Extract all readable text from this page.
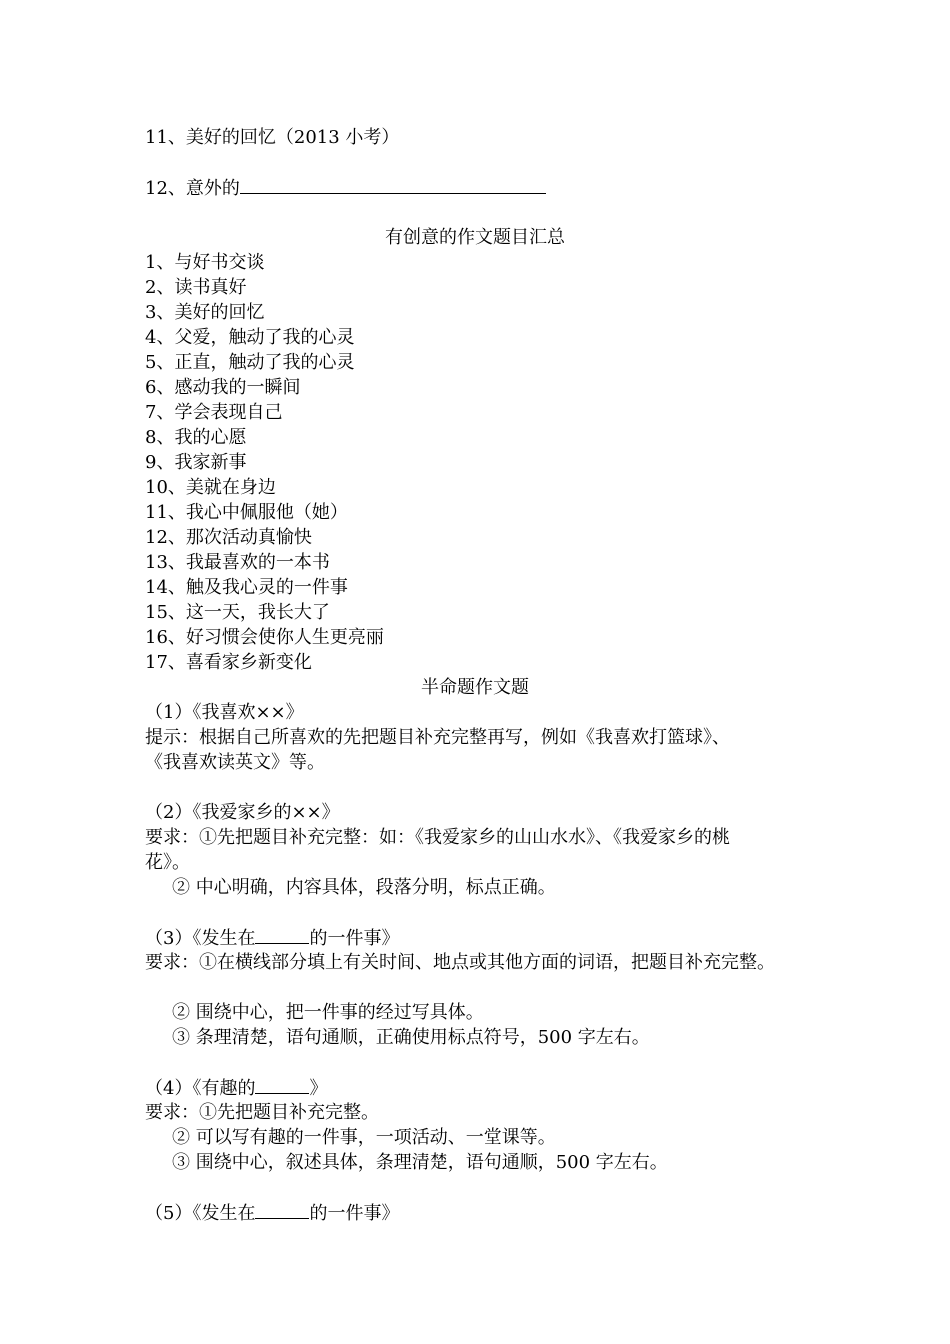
11、美好的回忆（2013 小考）
12、意外的
有创意的作文题目汇总
1、与好书交谈
2、读书真好
3、美好的回忆
4、父爱，触动了我的心灵
5、正直，触动了我的心灵
6、感动我的一瞬间
7、学会表现自己
8、我的心愿
9、我家新事
10、美就在身边
11、我心中佩服他（她）
12、那次活动真愉快
13、我最喜欢的一本书
14、触及我心灵的一件事
15、这一天，我长大了
16、好习惯会使你人生更亮丽
17、喜看家乡新变化
半命题作文题
（1）《我喜欢××》
提示：根据自己所喜欢的先把题目补充完整再写，例如《我喜欢打篮球》、
《我喜欢读英文》等。
（2）《我爱家乡的××》
要求：①先把题目补充完整：如：《我爱家乡的山山水水》、《我爱家乡的桃
花》。
② 中心明确，内容具体，段落分明，标点正确。
（3）《发生在	的一件事》
要求：①在横线部分填上有关时间、地点或其他方面的词语，把题目补充完整。
② 围绕中心，把一件事的经过写具体。
③ 条理清楚，语句通顺，正确使用标点符号，500 字左右。
（4）《有趣的	》
要求：①先把题目补充完整。
② 可以写有趣的一件事，一项活动、一堂课等。
③ 围绕中心，叙述具体，条理清楚，语句通顺，500 字左右。
（5）《发生在	的一件事》
